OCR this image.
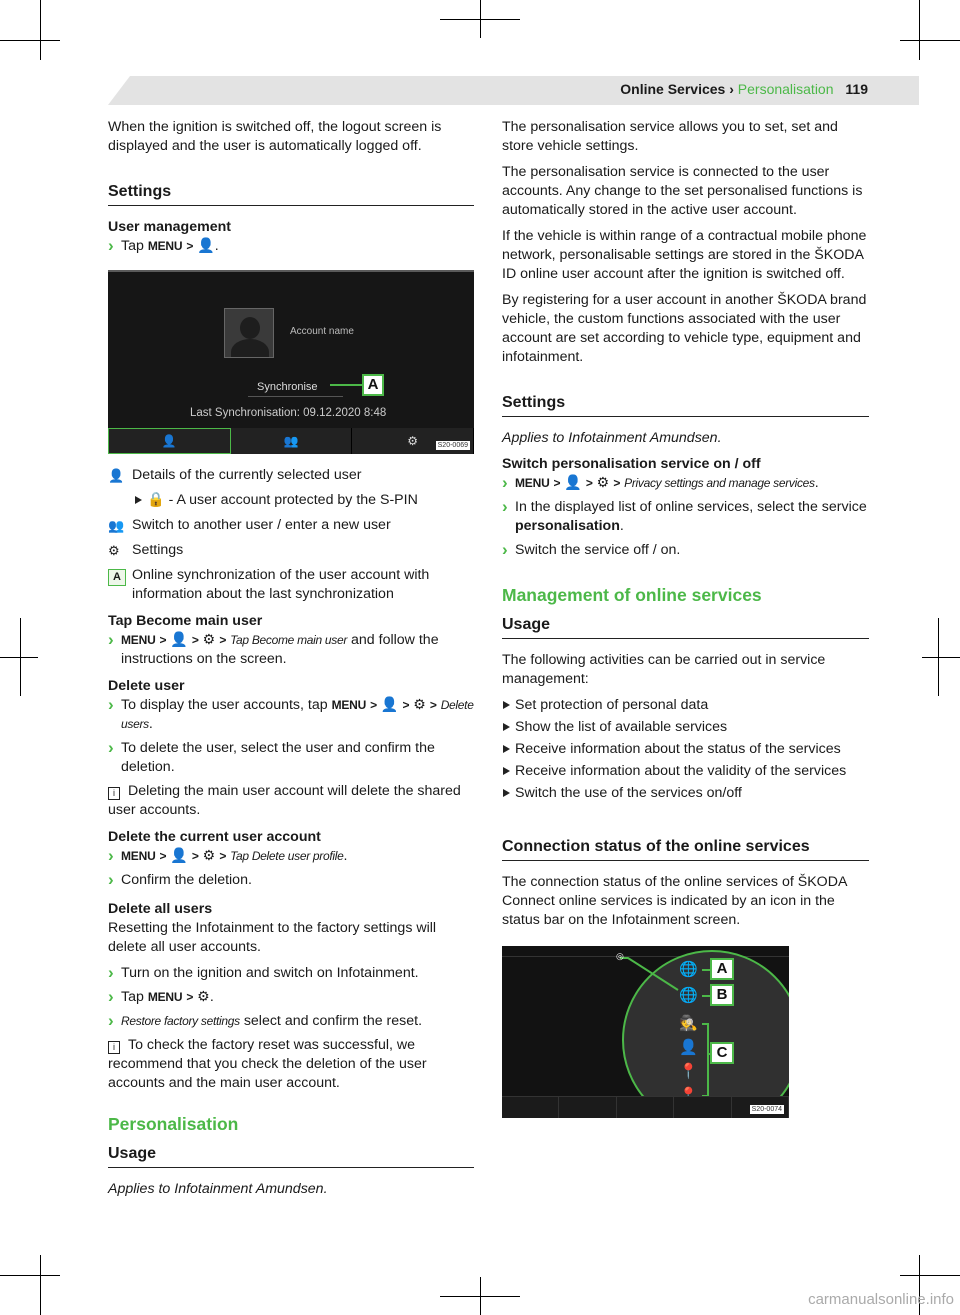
Online Services › Personalisation 119

When the ignition is switched off, the logout screen is displayed and the user is automatically logged off.

Settings
User management
› Tap MENU > 👤.
Account name
Synchronise	A
Last Synchronisation: 09.12.2020 8:48
👤	👥	⚙	S20-0069
👤 Details of the currently selected user
🔒 - A user account protected by the S-PIN
👥 Switch to another user / enter a new user
⚙ Settings
A Online synchronization of the user account with information about the last synchronization
Tap Become main user
› MENU > 👤 > ⚙ > Tap Become main user and follow the instructions on the screen.
Delete user
› To display the user accounts, tap MENU > 👤 > ⚙ > Delete users.
› To delete the user, select the user and confirm the deletion.
i Deleting the main user account will delete the shared user accounts.
Delete the current user account
› MENU > 👤 > ⚙ > Tap Delete user profile.
› Confirm the deletion.
Delete all users

Resetting the Infotainment to the factory settings will delete all user accounts.

› Turn on the ignition and switch on Infotainment.
› Tap MENU > ⚙.
› Restore factory settings select and confirm the reset.
i To check the factory reset was successful, we recommend that you check the deletion of the user accounts and the main user account.
Personalisation
Usage

Applies to Infotainment Amundsen.

The personalisation service allows you to set, set and store vehicle settings.

The personalisation service is connected to the user accounts. Any change to the set personalised functions is automatically stored in the active user account.

If the vehicle is within range of a contractual mobile phone network, personalisable settings are stored in the ŠKODA ID online user account after the ignition is switched off.

By registering for a user account in another ŠKODA brand vehicle, the custom functions associated with the user account are set according to vehicle type, equipment and infotainment.

Settings

Applies to Infotainment Amundsen.

Switch personalisation service on / off
› MENU > 👤 > ⚙ > Privacy settings and manage services.
› In the displayed list of online services, select the service personalisation.
› Switch the service off / on.
Management of online services
Usage

The following activities can be carried out in service management:

Set protection of personal data
Show the list of available services
Receive information about the status of the services
Receive information about the validity of the services
Switch the use of the services on/off
Connection status of the online services

The connection status of the online services of ŠKODA Connect online services is indicated by an icon in the status bar on the Infotainment screen.

◎
🌐
🌐
🕵
👤
📍
A
B
C
S20-0074
carmanualsonline.info
